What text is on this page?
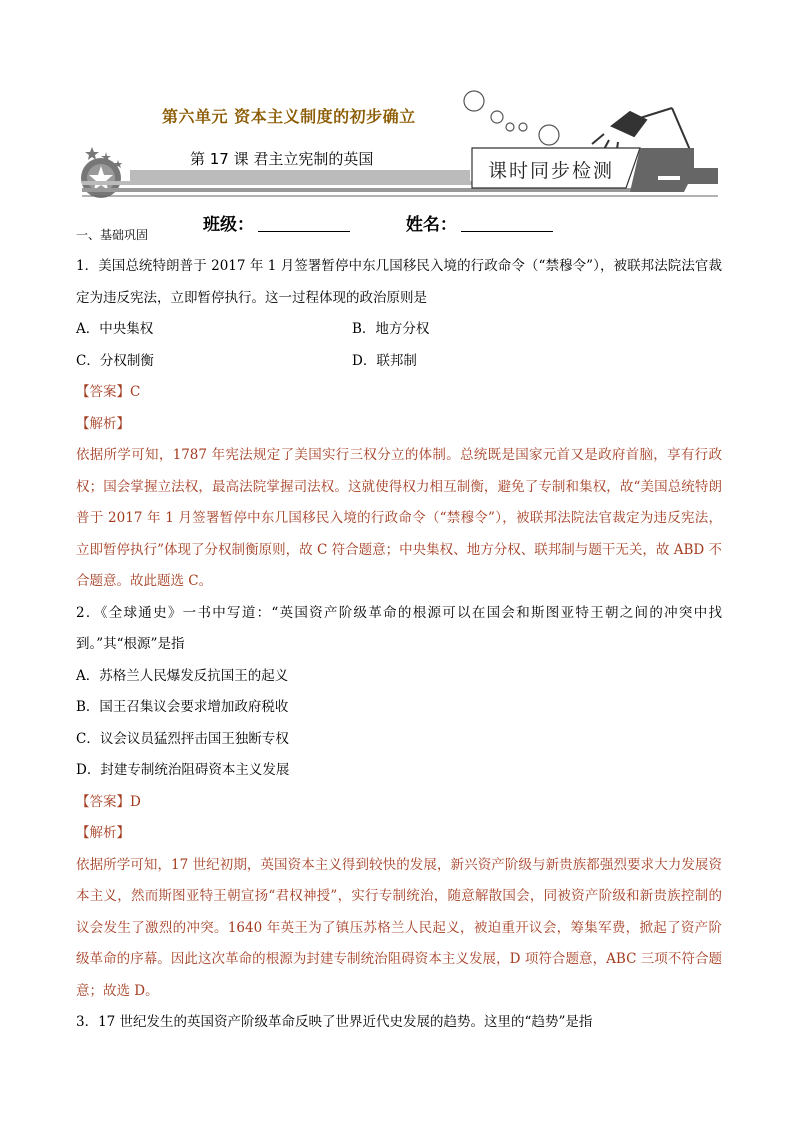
第六单元 资本主义制度的初步确立
第 17 课 君主立宪制的英国
课时同步检测
班级：	姓名：
一、基础巩固

1．美国总统特朗普于 2017 年 1 月签署暂停中东几国移民入境的行政命令（“禁穆令”），被联邦法院法官裁定为违反宪法，立即暂停执行。这一过程体现的政治原则是

A．中央集权	B．地方分权
C．分权制衡	D．联邦制

【答案】C

【解析】

依据所学可知，1787 年宪法规定了美国实行三权分立的体制。总统既是国家元首又是政府首脑，享有行政权；国会掌握立法权，最高法院掌握司法权。这就使得权力相互制衡，避免了专制和集权，故“美国总统特朗普于 2017 年 1 月签署暂停中东几国移民入境的行政命令（“禁穆令”），被联邦法院法官裁定为违反宪法，立即暂停执行”体现了分权制衡原则，故 C 符合题意；中央集权、地方分权、联邦制与题干无关，故 ABD 不合题意。故此题选 C。

2．《全球通史》一书中写道：“英国资产阶级革命的根源可以在国会和斯图亚特王朝之间的冲突中找到。”其“根源”是指

A．苏格兰人民爆发反抗国王的起义

B．国王召集议会要求增加政府税收

C．议会议员猛烈抨击国王独断专权

D．封建专制统治阻碍资本主义发展

【答案】D

【解析】

依据所学可知，17 世纪初期，英国资本主义得到较快的发展，新兴资产阶级与新贵族都强烈要求大力发展资本主义，然而斯图亚特王朝宣扬“君权神授”，实行专制统治，随意解散国会，同被资产阶级和新贵族控制的议会发生了激烈的冲突。1640 年英王为了镇压苏格兰人民起义，被迫重开议会，筹集军费，掀起了资产阶级革命的序幕。因此这次革命的根源为封建专制统治阻碍资本主义发展，D 项符合题意，ABC 三项不符合题意；故选 D。

3．17 世纪发生的英国资产阶级革命反映了世界近代史发展的趋势。这里的“趋势”是指
